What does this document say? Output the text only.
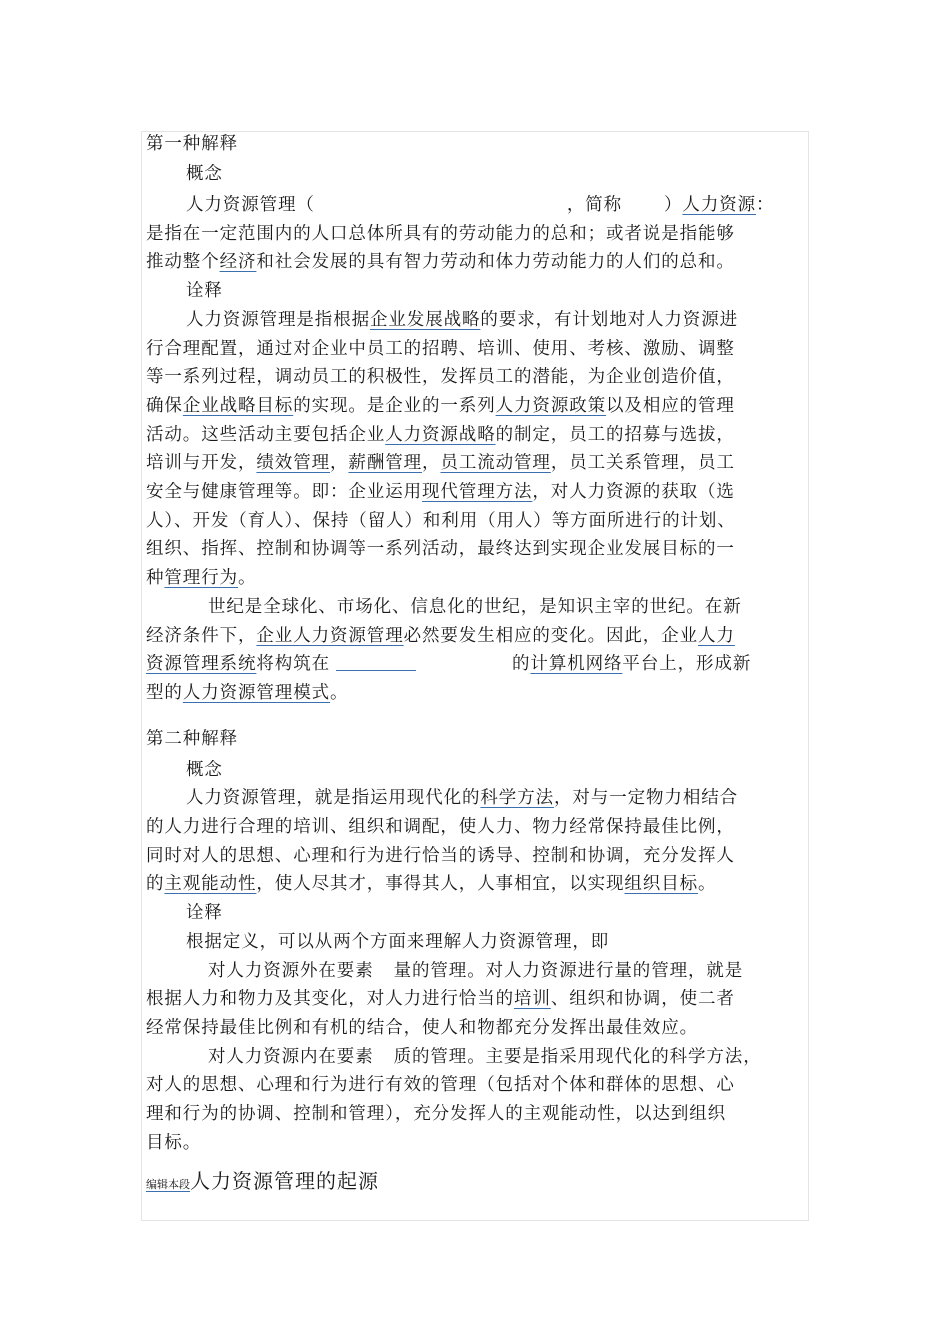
第一种解释
概念
人力资源管理（	，简称 ）人力资源：
是指在一定范围内的人口总体所具有的劳动能力的总和；或者说是指能够
推动整个经济和社会发展的具有智力劳动和体力劳动能力的人们的总和。
诠释
人力资源管理是指根据企业发展战略的要求，有计划地对人力资源进
行合理配置，通过对企业中员工的招聘、培训、使用、考核、激励、调整
等一系列过程，调动员工的积极性，发挥员工的潜能，为企业创造价值，
确保企业战略目标的实现。是企业的一系列人力资源政策以及相应的管理
活动。这些活动主要包括企业人力资源战略的制定，员工的招募与选拔，
培训与开发，绩效管理，薪酬管理，员工流动管理，员工关系管理，员工
安全与健康管理等。即：企业运用现代管理方法，对人力资源的获取（选
人）、开发（育人）、保持（留人）和利用（用人）等方面所进行的计划、
组织、指挥、控制和协调等一系列活动，最终达到实现企业发展目标的一
种管理行为。
世纪是全球化、市场化、信息化的世纪，是知识主宰的世纪。在新
经济条件下，企业人力资源管理必然要发生相应的变化。因此，企业人力
资源管理系统将构筑在	的计算机网络平台上，形成新
型的人力资源管理模式。
第二种解释
概念
人力资源管理，就是指运用现代化的科学方法，对与一定物力相结合
的人力进行合理的培训、组织和调配，使人力、物力经常保持最佳比例，
同时对人的思想、心理和行为进行恰当的诱导、控制和协调，充分发挥人
的主观能动性，使人尽其才，事得其人，人事相宜，以实现组织目标。
诠释
根据定义，可以从两个方面来理解人力资源管理，即
对人力资源外在要素 量的管理。对人力资源进行量的管理，就是
根据人力和物力及其变化，对人力进行恰当的培训、组织和协调，使二者
经常保持最佳比例和有机的结合，使人和物都充分发挥出最佳效应。
对人力资源内在要素 质的管理。主要是指采用现代化的科学方法，
对人的思想、心理和行为进行有效的管理（包括对个体和群体的思想、心
理和行为的协调、控制和管理），充分发挥人的主观能动性，以达到组织
目标。
编辑本段人力资源管理的起源
